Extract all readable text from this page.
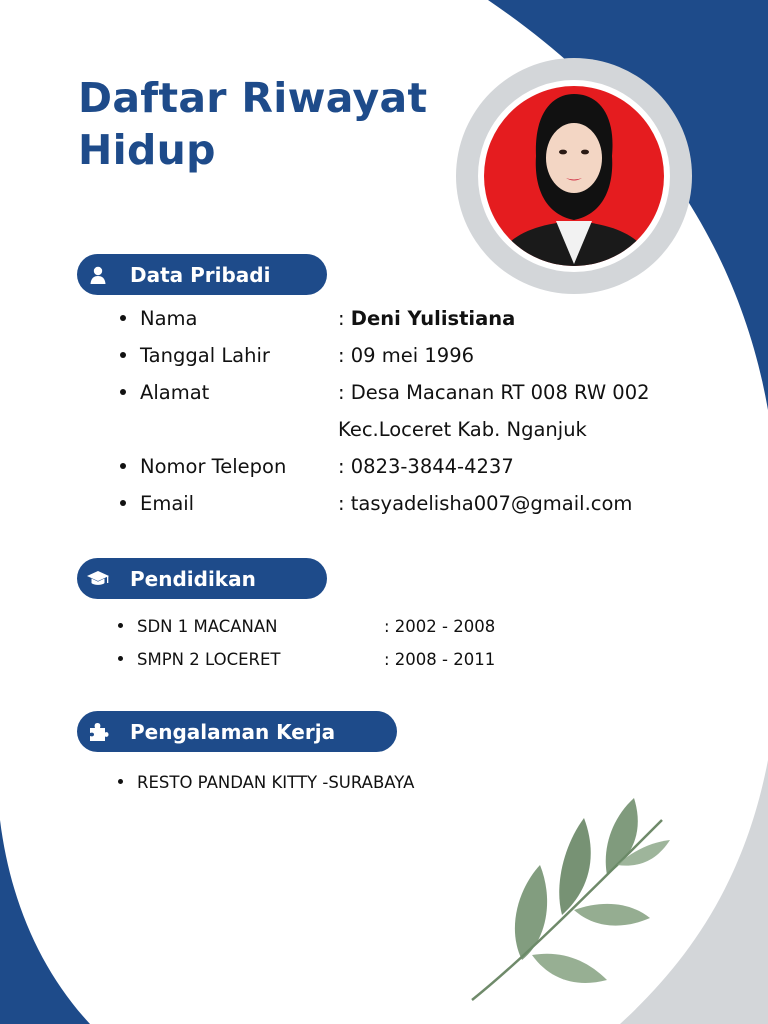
Daftar Riwayat
Hidup
Data Pribadi
Nama	: Deni Yulistiana
Tanggal Lahir	: 09 mei 1996
Alamat	: Desa Macanan RT 008 RW 002
Kec.Loceret Kab. Nganjuk
Nomor Telepon	: 0823-3844-4237
Email	: tasyadelisha007@gmail.com
Pendidikan
SDN 1 MACANAN	: 2002 - 2008
SMPN 2 LOCERET	: 2008 - 2011
Pengalaman Kerja
RESTO PANDAN KITTY -SURABAYA
